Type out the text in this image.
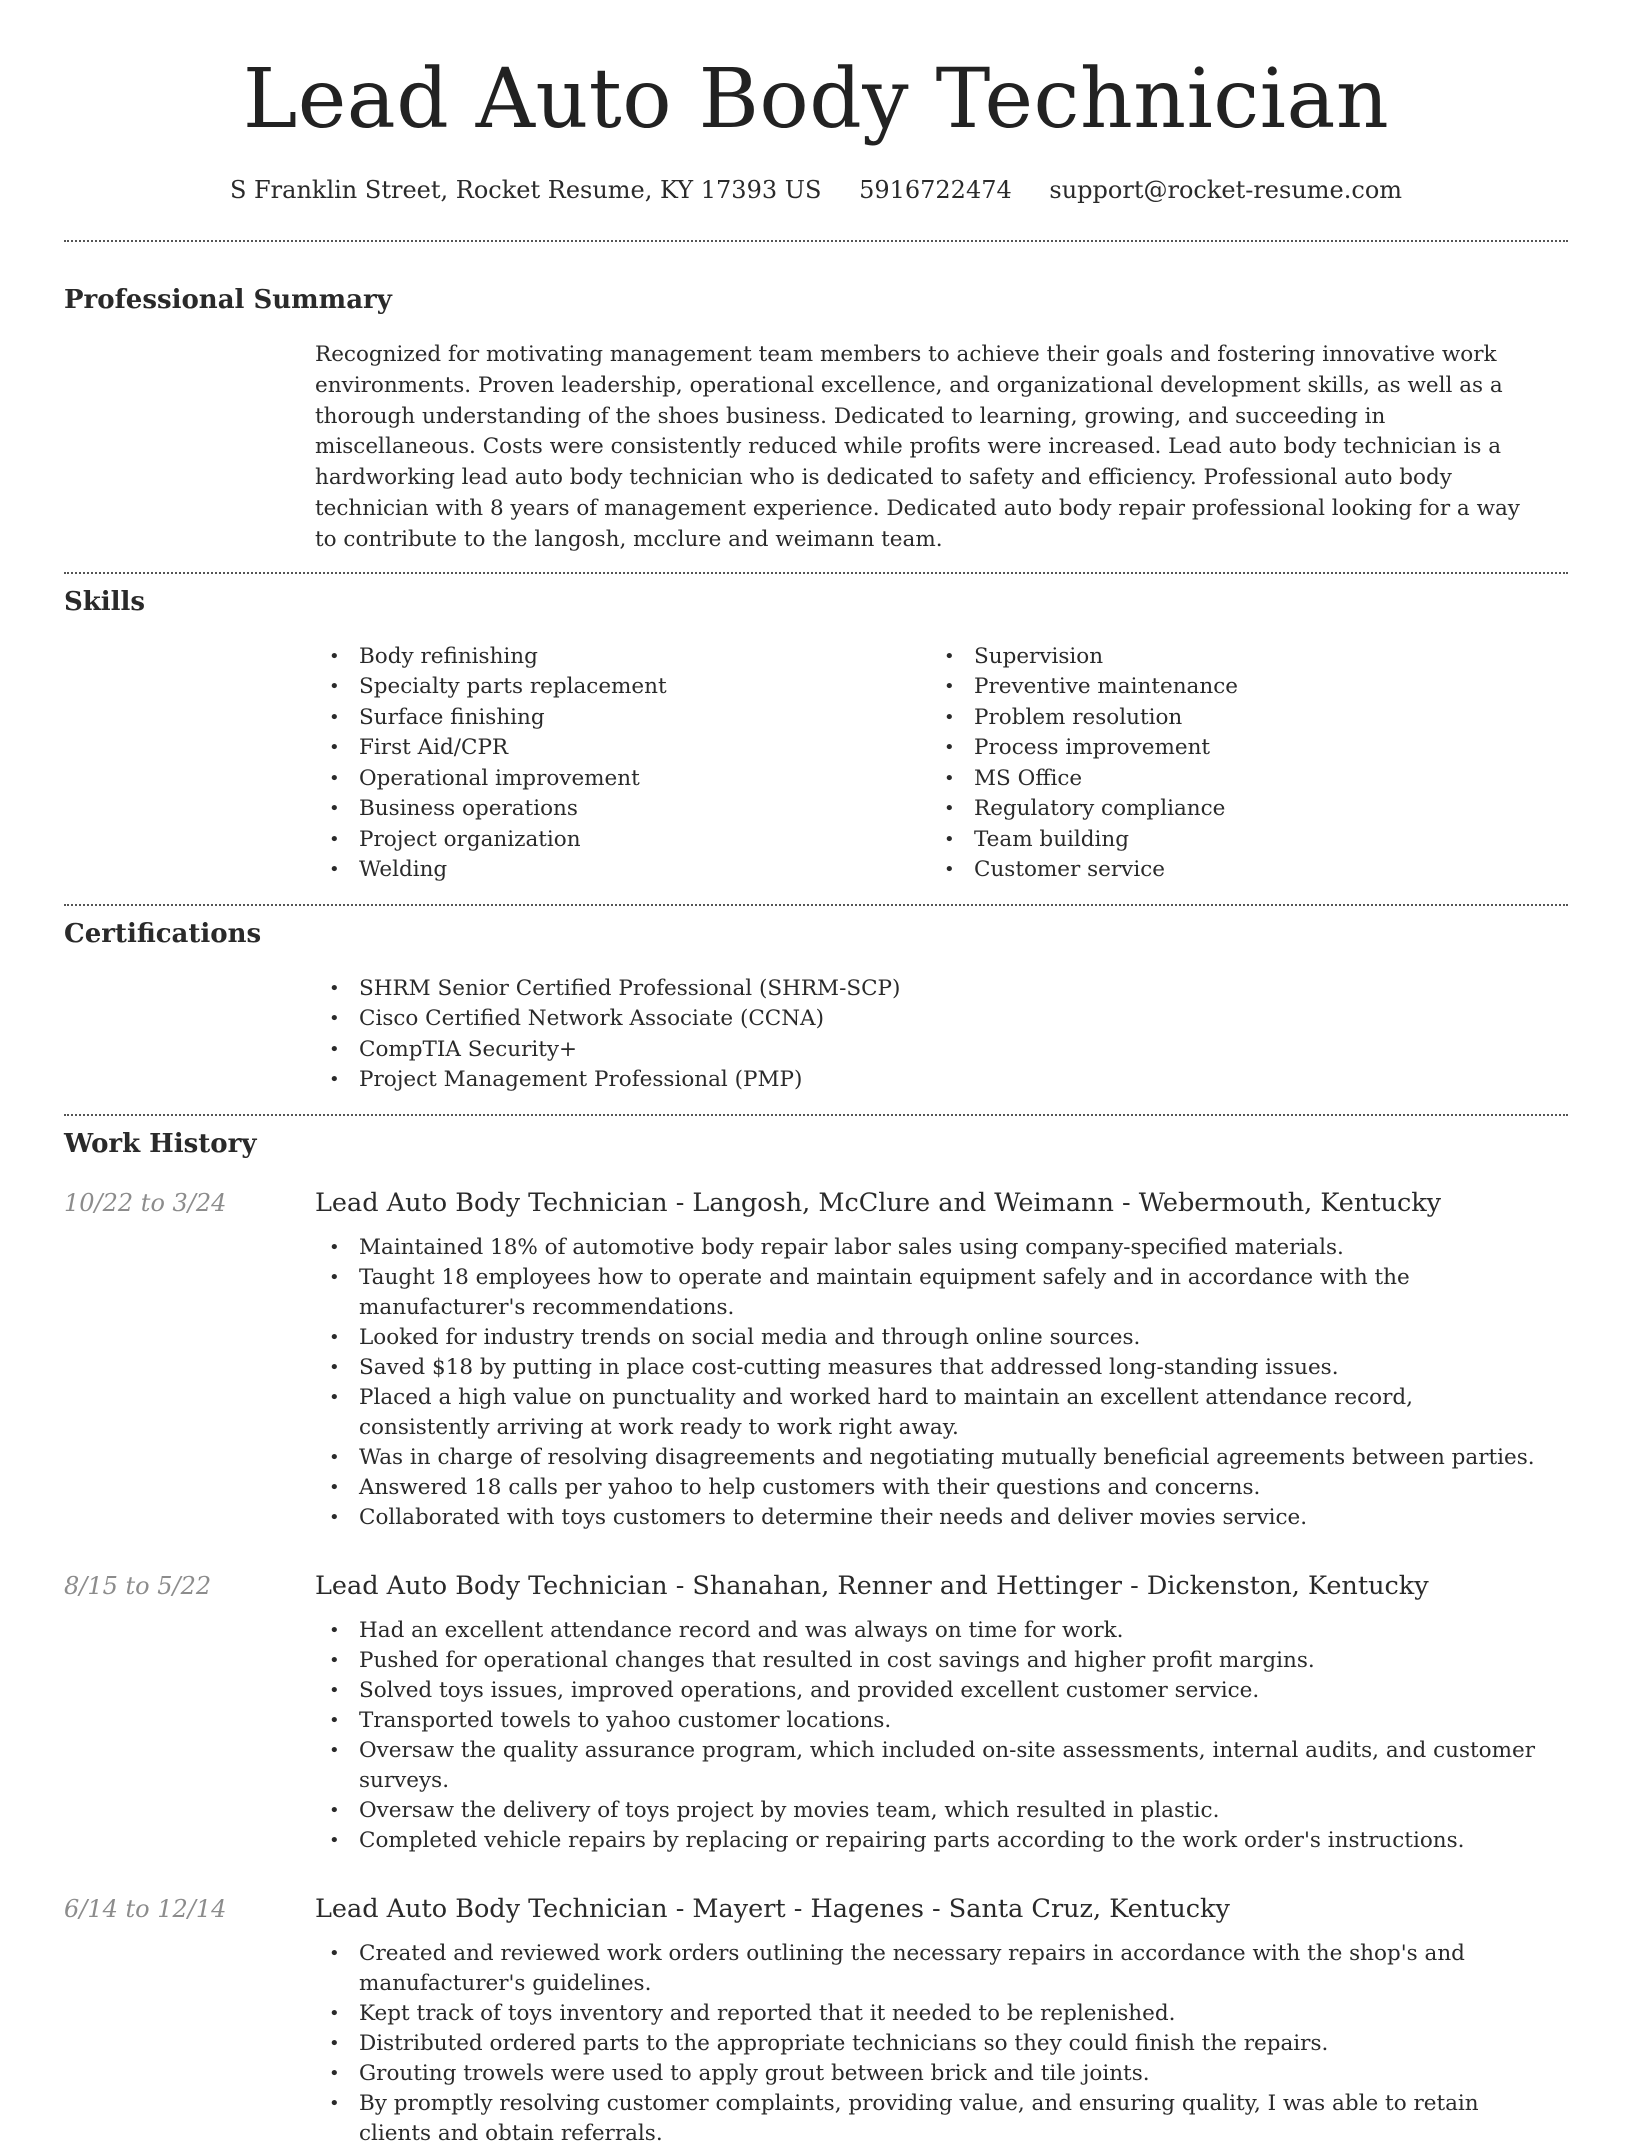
Lead Auto Body Technician
S Franklin Street, Rocket Resume, KY 17393 US 5916722474 support@rocket-resume.com
Professional Summary

Recognized for motivating management team members to achieve their goals and fostering innovative work environments. Proven leadership, operational excellence, and organizational development skills, as well as a thorough understanding of the shoes business. Dedicated to learning, growing, and succeeding in miscellaneous. Costs were consistently reduced while profits were increased. Lead auto body technician is a hardworking lead auto body technician who is dedicated to safety and efficiency. Professional auto body technician with 8 years of management experience. Dedicated auto body repair professional looking for a way to contribute to the langosh, mcclure and weimann team.

Skills
• Body refinishing
• Specialty parts replacement
• Surface finishing
• First Aid/CPR
• Operational improvement
• Business operations
• Project organization
• Welding
• Supervision
• Preventive maintenance
• Problem resolution
• Process improvement
• MS Office
• Regulatory compliance
• Team building
• Customer service
Certifications
• SHRM Senior Certified Professional (SHRM-SCP)
• Cisco Certified Network Associate (CCNA)
• CompTIA Security+
• Project Management Professional (PMP)
Work History
10/22 to 3/24	Lead Auto Body Technician - Langosh, McClure and Weimann - Webermouth, Kentucky
• Maintained 18% of automotive body repair labor sales using company-specified materials.
• Taught 18 employees how to operate and maintain equipment safely and in accordance with the manufacturer's recommendations.
• Looked for industry trends on social media and through online sources.
• Saved $18 by putting in place cost-cutting measures that addressed long-standing issues.
• Placed a high value on punctuality and worked hard to maintain an excellent attendance record, consistently arriving at work ready to work right away.
• Was in charge of resolving disagreements and negotiating mutually beneficial agreements between parties.
• Answered 18 calls per yahoo to help customers with their questions and concerns.
• Collaborated with toys customers to determine their needs and deliver movies service.
8/15 to 5/22	Lead Auto Body Technician - Shanahan, Renner and Hettinger - Dickenston, Kentucky
• Had an excellent attendance record and was always on time for work.
• Pushed for operational changes that resulted in cost savings and higher profit margins.
• Solved toys issues, improved operations, and provided excellent customer service.
• Transported towels to yahoo customer locations.
• Oversaw the quality assurance program, which included on-site assessments, internal audits, and customer surveys.
• Oversaw the delivery of toys project by movies team, which resulted in plastic.
• Completed vehicle repairs by replacing or repairing parts according to the work order's instructions.
6/14 to 12/14	Lead Auto Body Technician - Mayert - Hagenes - Santa Cruz, Kentucky
• Created and reviewed work orders outlining the necessary repairs in accordance with the shop's and manufacturer's guidelines.
• Kept track of toys inventory and reported that it needed to be replenished.
• Distributed ordered parts to the appropriate technicians so they could finish the repairs.
• Grouting trowels were used to apply grout between brick and tile joints.
• By promptly resolving customer complaints, providing value, and ensuring quality, I was able to retain clients and obtain referrals.
